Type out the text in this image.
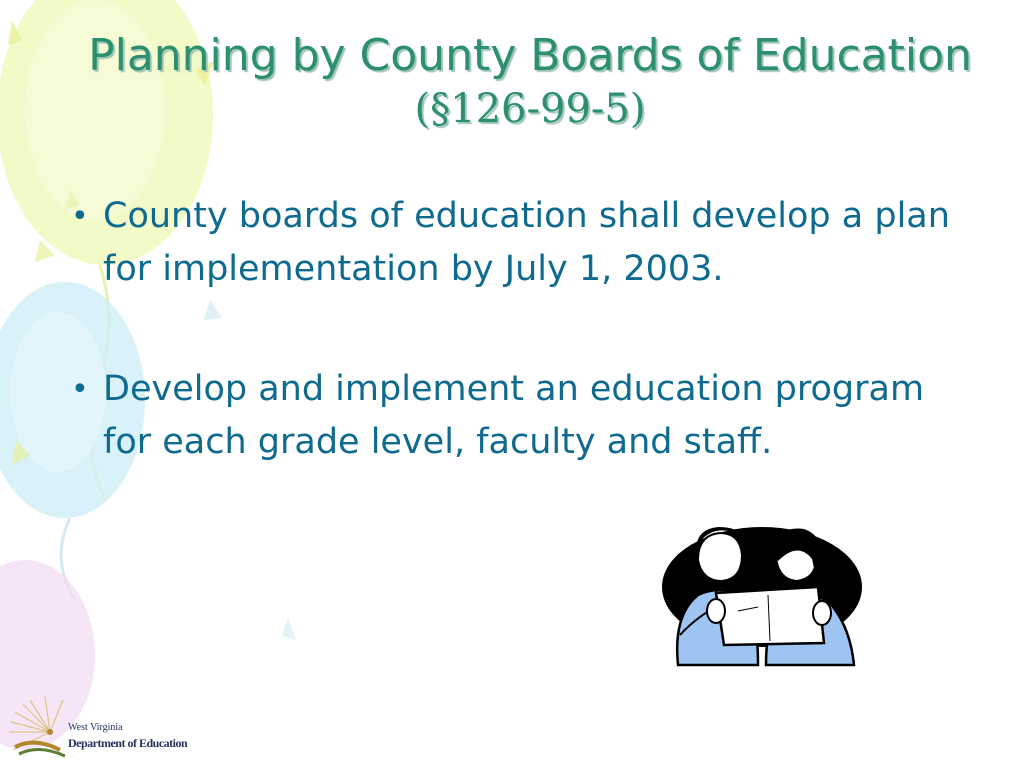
Planning by County Boards of Education (§126-99-5)
• County boards of education shall develop a plan for implementation by July 1, 2003.
• Develop and implement an education program for each grade level, faculty and staff.
West Virginia
Department of Education
